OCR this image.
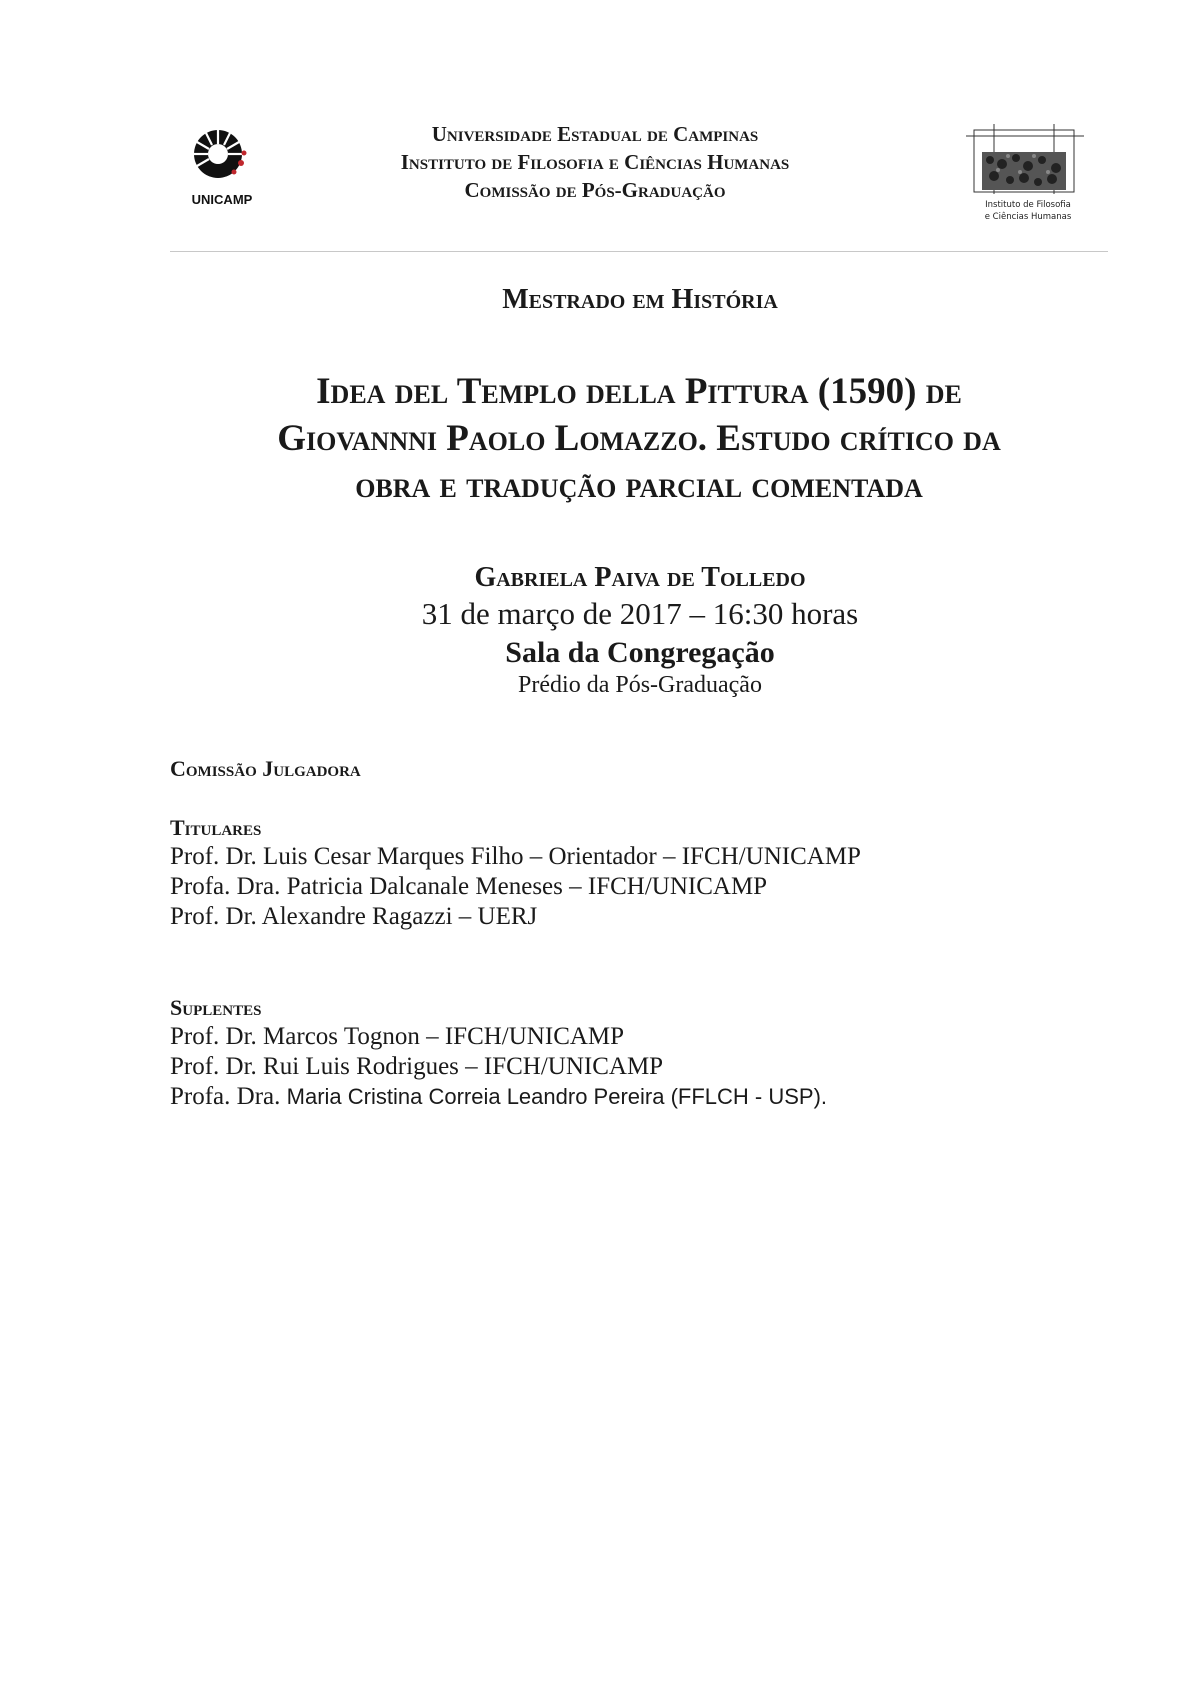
UNICAMP	Instituto de Filosofia
e Ciências Humanas
Universidade Estadual de Campinas
Instituto de Filosofia e Ciências Humanas
Comissão de Pós-Graduação
Mestrado em História
Idea del Templo della Pittura (1590) de
Giovannni Paolo Lomazzo. Estudo crítico da
obra e tradução parcial comentada
Gabriela Paiva de Tolledo
31 de março de 2017 – 16:30 horas
Sala da Congregação
Prédio da Pós-Graduação
Comissão Julgadora
Titulares
Prof. Dr. Luis Cesar Marques Filho – Orientador – IFCH/UNICAMP
Profa. Dra. Patricia Dalcanale Meneses – IFCH/UNICAMP
Prof. Dr. Alexandre Ragazzi – UERJ
Suplentes
Prof. Dr. Marcos Tognon – IFCH/UNICAMP
Prof. Dr. Rui Luis Rodrigues – IFCH/UNICAMP
Profa. Dra. Maria Cristina Correia Leandro Pereira (FFLCH - USP).
